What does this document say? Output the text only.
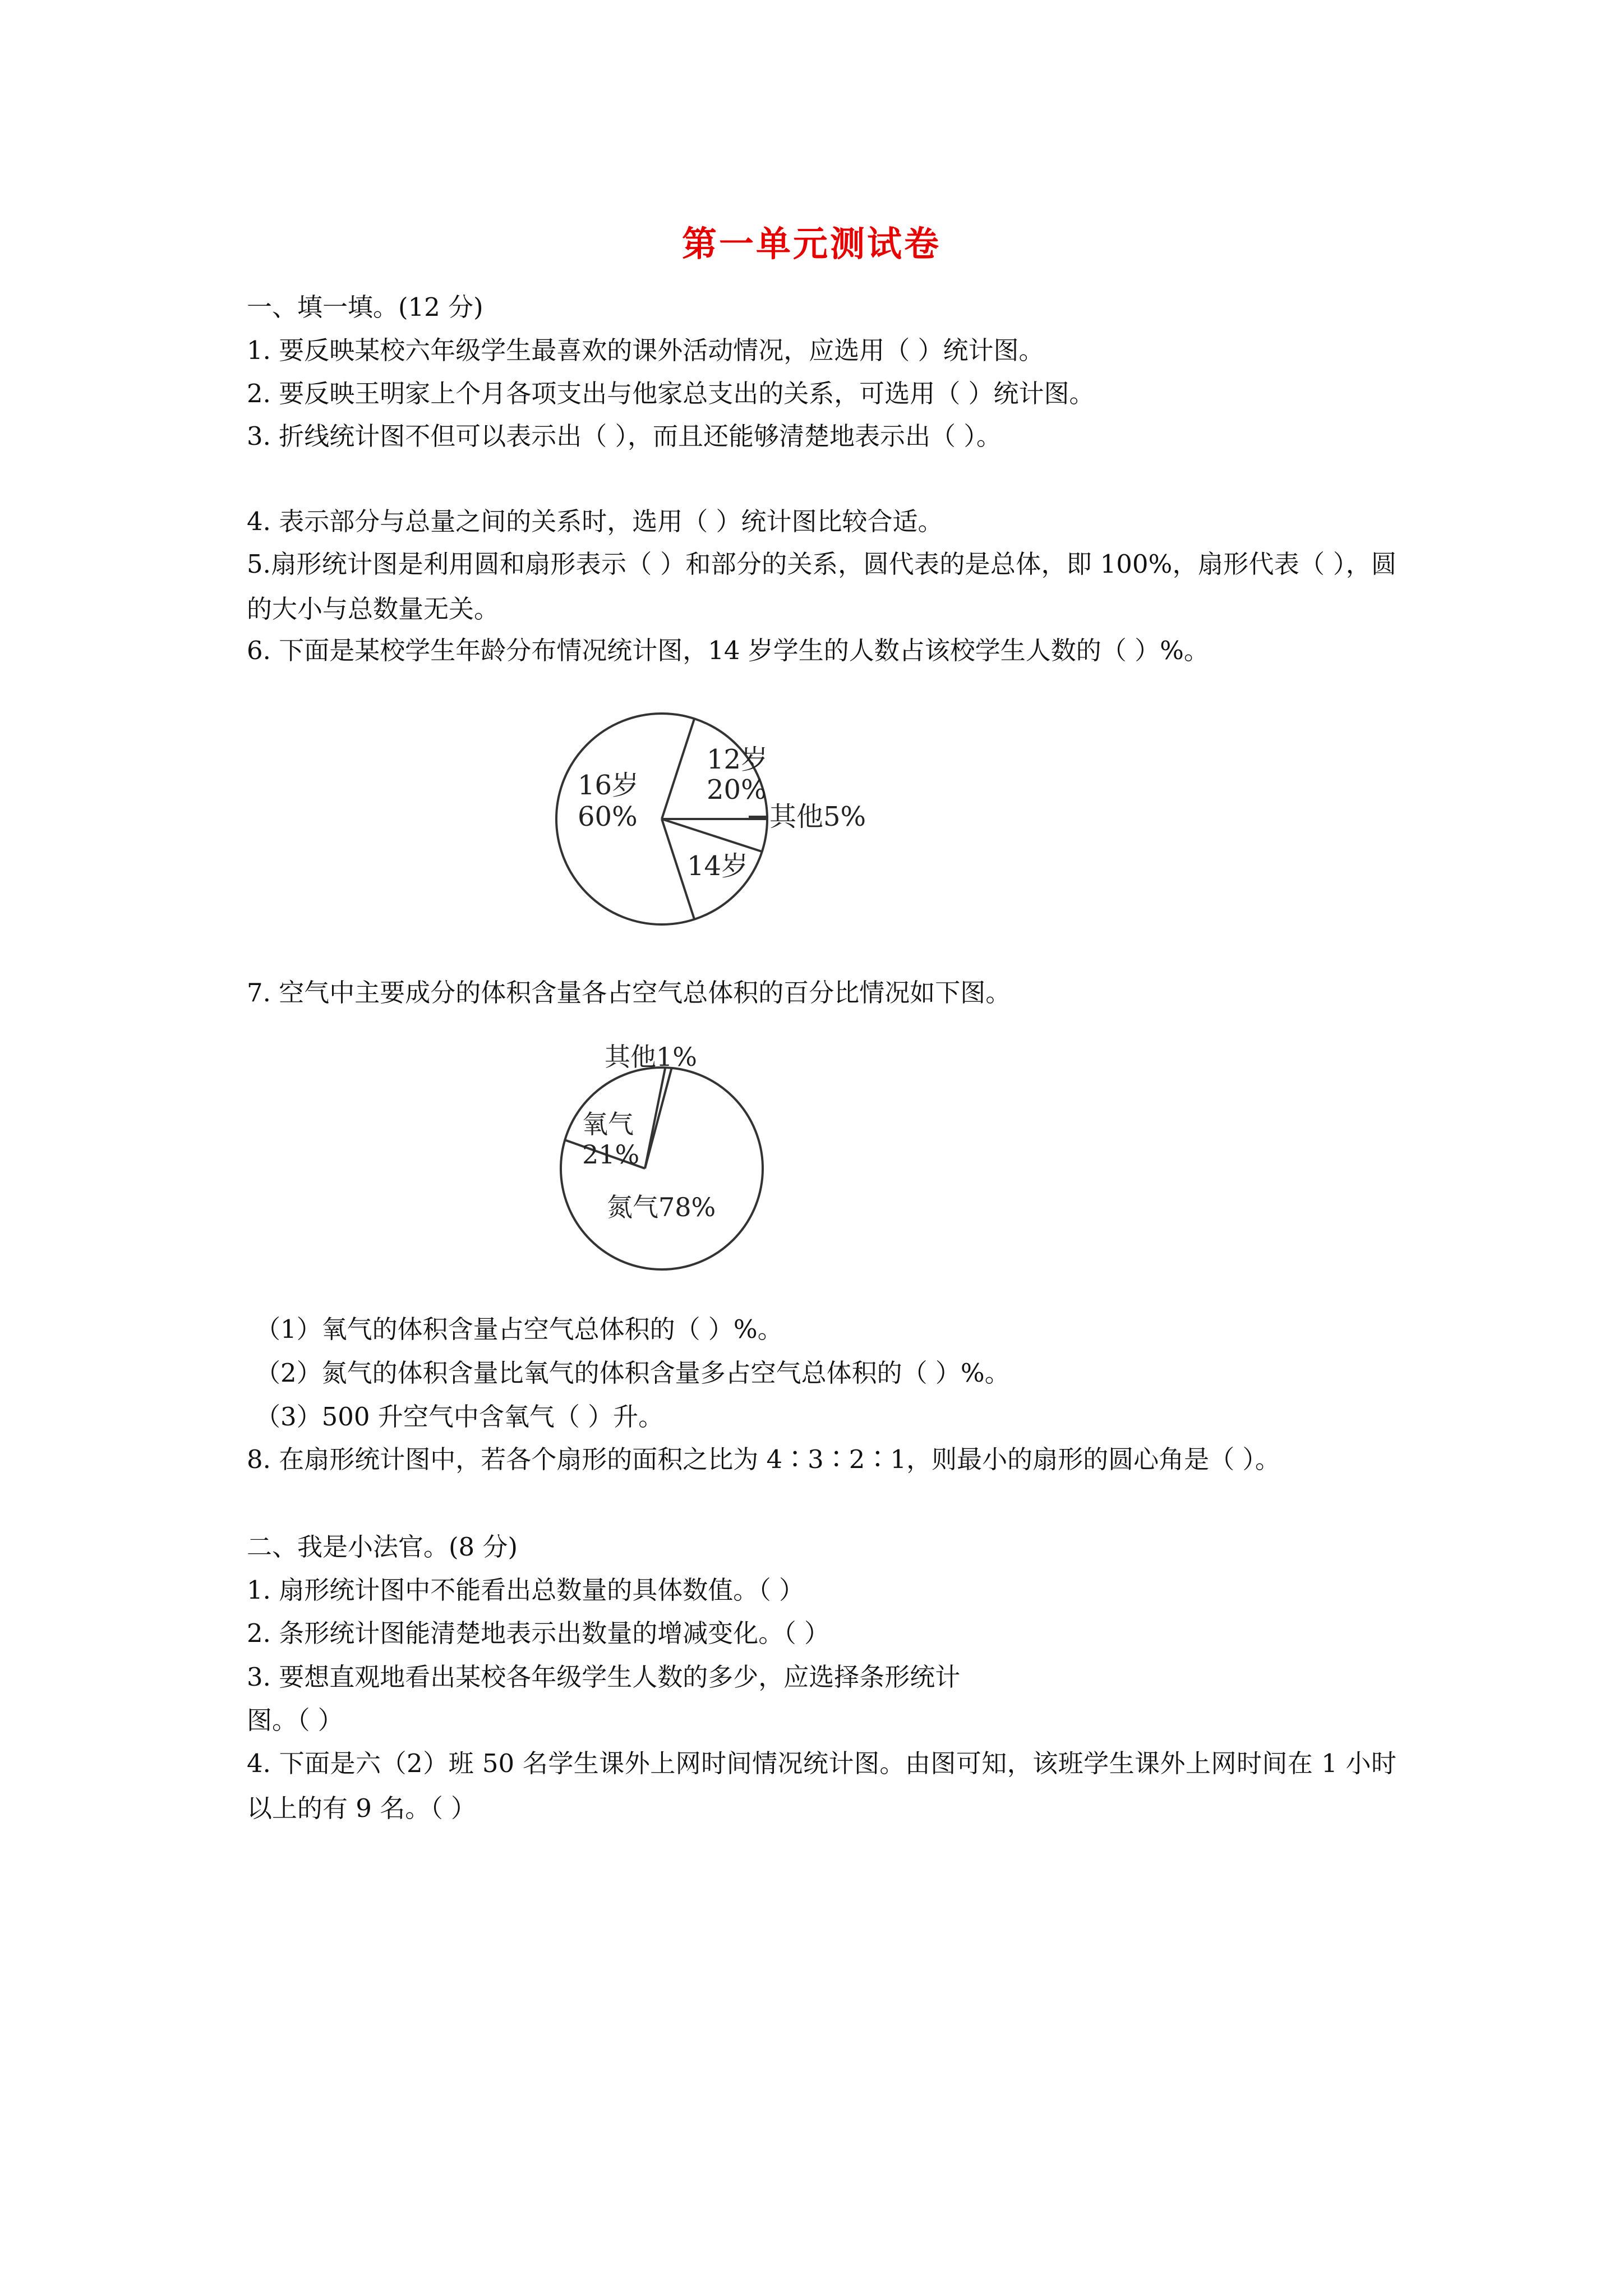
第一单元测试卷
一、填一填。(12 分)
1. 要反映某校六年级学生最喜欢的课外活动情况，应选用（ ）统计图。
2. 要反映王明家上个月各项支出与他家总支出的关系，可选用（ ）统计图。
3. 折线统计图不但可以表示出（ ），而且还能够清楚地表示出（ ）。
4. 表示部分与总量之间的关系时，选用（ ）统计图比较合适。
5.扇形统计图是利用圆和扇形表示（ ）和部分的关系，圆代表的是总体，即 100%，扇形代表（ ），圆的大小与总数量无关。
6. 下面是某校学生年龄分布情况统计图，14 岁学生的人数占该校学生人数的（ ）%。
12岁
20%
其他5%
14岁
16岁
60%
7. 空气中主要成分的体积含量各占空气总体积的百分比情况如下图。
其他1%
氧气
21%
氮气78%
（1）氧气的体积含量占空气总体积的（ ）%。
（2）氮气的体积含量比氧气的体积含量多占空气总体积的（ ）%。
（3）500 升空气中含氧气（ ）升。
8. 在扇形统计图中，若各个扇形的面积之比为 4∶3∶2∶1，则最小的扇形的圆心角是（ ）。
二、我是小法官。(8 分)
1. 扇形统计图中不能看出总数量的具体数值。（ ）
2. 条形统计图能清楚地表示出数量的增减变化。（ ）
3. 要想直观地看出某校各年级学生人数的多少，应选择条形统计
图。（ ）
4. 下面是六（2）班 50 名学生课外上网时间情况统计图。由图可知，该班学生课外上网时间在 1 小时以上的有 9 名。（ ）
